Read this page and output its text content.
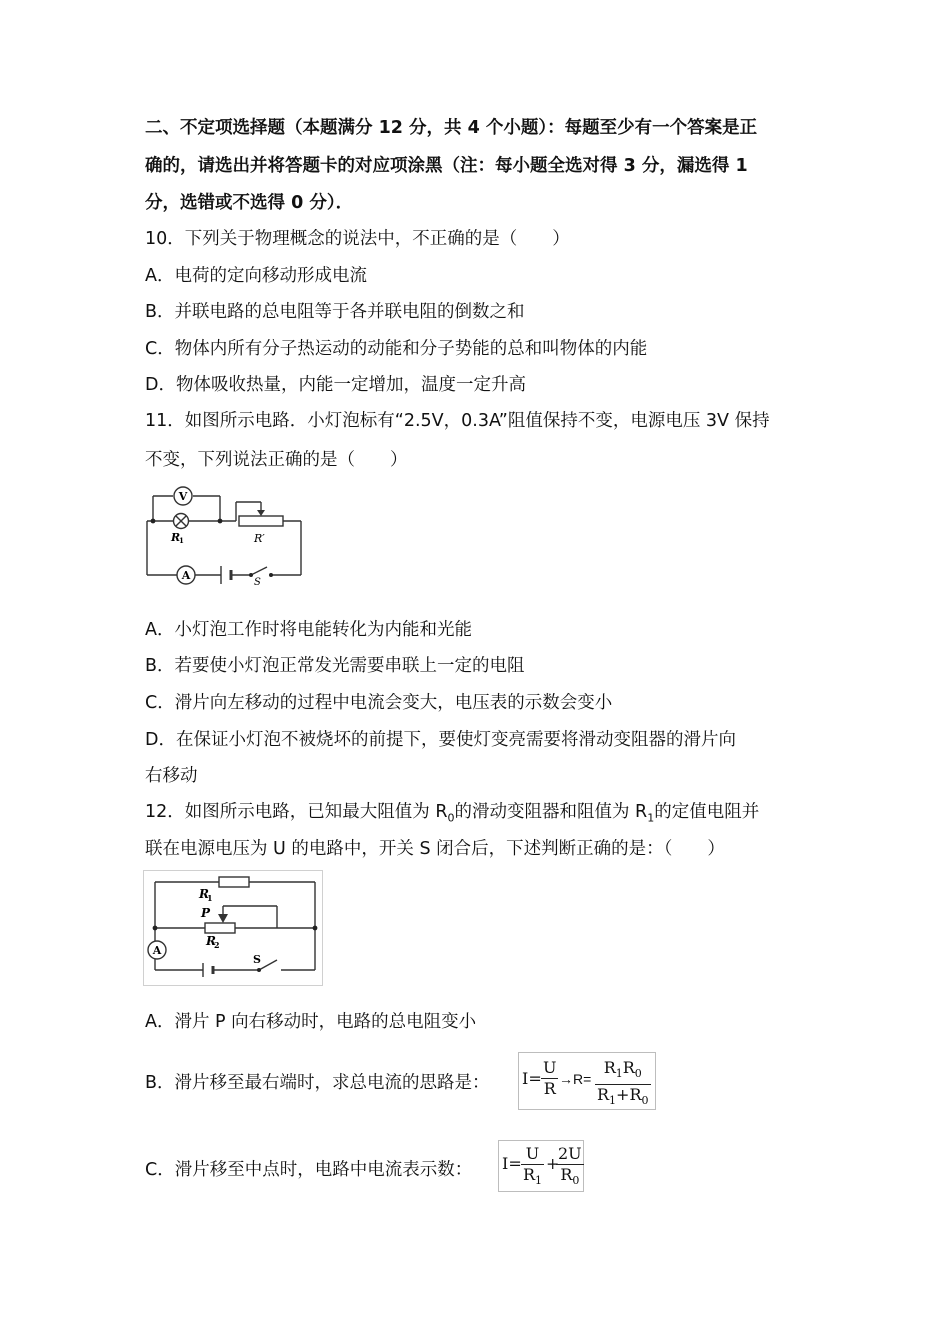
二、不定项选择题（本题满分 12 分，共 4 个小题）：每题至少有一个答案是正
确的，请选出并将答题卡的对应项涂黑（注：每小题全选对得 3 分，漏选得 1
分，选错或不选得 0 分）．
10．下列关于物理概念的说法中，不正确的是（　　）
A．电荷的定向移动形成电流
B．并联电路的总电阻等于各并联电阻的倒数之和
C．物体内所有分子热运动的动能和分子势能的总和叫物体的内能
D．物体吸收热量，内能一定增加，温度一定升高
11．如图所示电路．小灯泡标有“2.5V，0.3A”阻值保持不变，电源电压 3V 保持
不变，下列说法正确的是（　　）
V
A
R
1	R′
S
A．小灯泡工作时将电能转化为内能和光能
B．若要使小灯泡正常发光需要串联上一定的电阻
C．滑片向左移动的过程中电流会变大，电压表的示数会变小
D．在保证小灯泡不被烧坏的前提下，要使灯变亮需要将滑动变阻器的滑片向
右移动
12．如图所示电路，已知最大阻值为 $R_0$的滑动变阻器和阻值为 $R_1$的定值电阻并
联在电源电压为 U 的电路中，开关 S 闭合后，下述判断正确的是：（　　）
R
1
P
R
2
A
S
A．滑片 P 向右移动时，电路的总电阻变小
B．滑片移至最右端时，求总电流的思路是： $I= \frac{U}{R} \to R= \frac{R_1R_0}{R_1+R_0}$
C．滑片移至中点时，电路中电流表示数： $I= \frac{U}{R_1}$ +
$\frac{2U}{R_0}$
